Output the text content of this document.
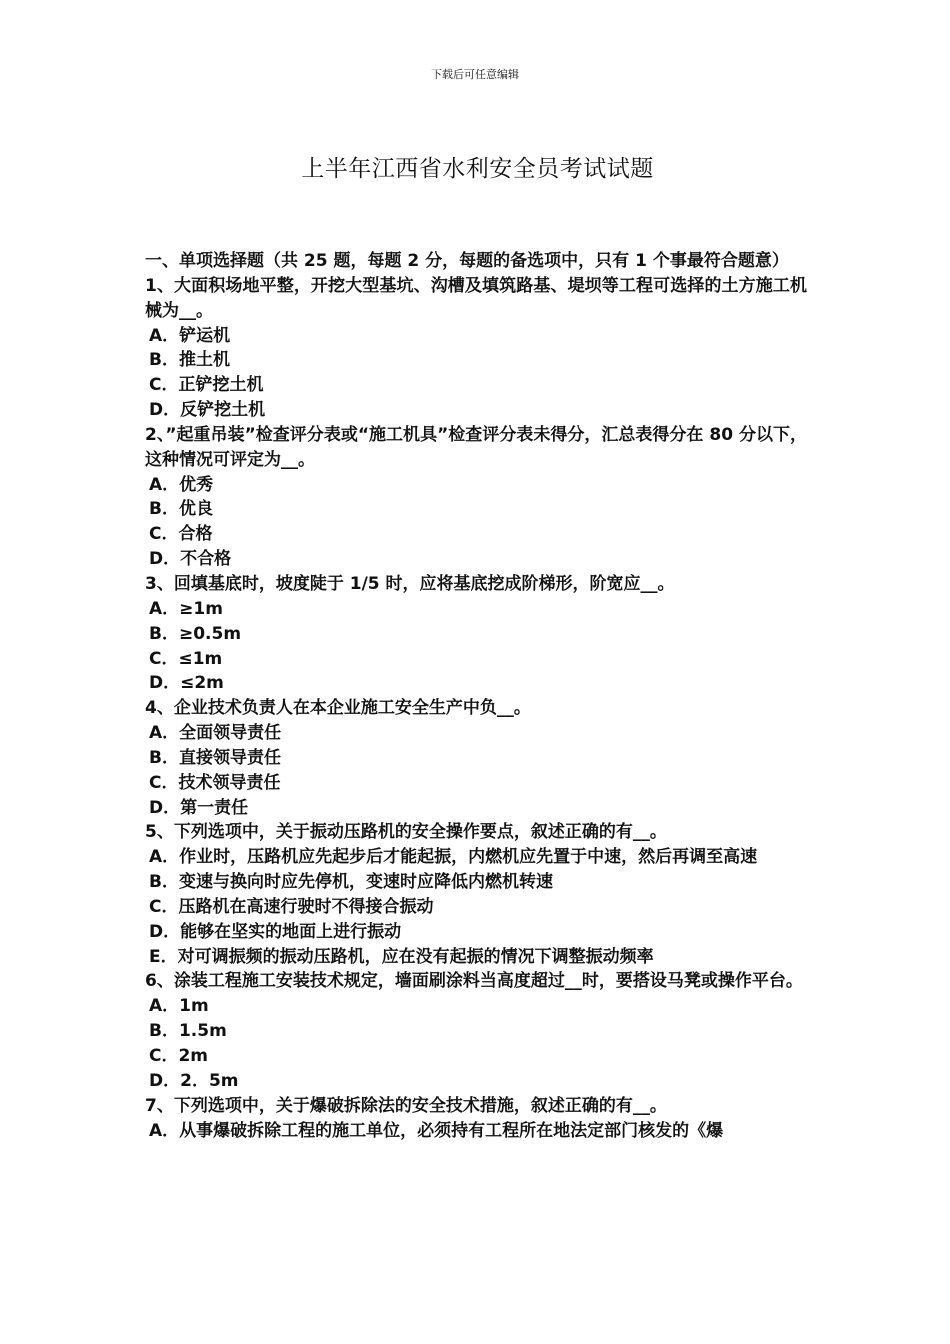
下载后可任意编辑
上半年江西省水利安全员考试试题

一、单项选择题（共 25 题，每题 2 分，每题的备选项中，只有 1 个事最符合题意）

1、大面积场地平整，开挖大型基坑、沟槽及填筑路基、堤坝等工程可选择的土方施工机械为__。

A．铲运机

B．推土机

C．正铲挖土机

D．反铲挖土机

2、”起重吊装”检查评分表或“施工机具”检查评分表未得分，汇总表得分在 80 分以下，这种情况可评定为__。

A．优秀

B．优良

C．合格

D．不合格

3、回填基底时，坡度陡于 1/5 时，应将基底挖成阶梯形，阶宽应__。

A．≥1m

B．≥0.5m

C．≤1m

D．≤2m

4、企业技术负责人在本企业施工安全生产中负__。

A．全面领导责任

B．直接领导责任

C．技术领导责任

D．第一责任

5、下列选项中，关于振动压路机的安全操作要点，叙述正确的有__。

A．作业时，压路机应先起步后才能起振，内燃机应先置于中速，然后再调至高速

B．变速与换向时应先停机，变速时应降低内燃机转速

C．压路机在高速行驶时不得接合振动

D．能够在坚实的地面上进行振动

E．对可调振频的振动压路机，应在没有起振的情况下调整振动频率

6、涂装工程施工安装技术规定，墙面刷涂料当高度超过__时，要搭设马凳或操作平台。

A．1m

B．1.5m

C．2m

D．2．5m

7、下列选项中，关于爆破拆除法的安全技术措施，叙述正确的有__。

A．从事爆破拆除工程的施工单位，必须持有工程所在地法定部门核发的《爆
